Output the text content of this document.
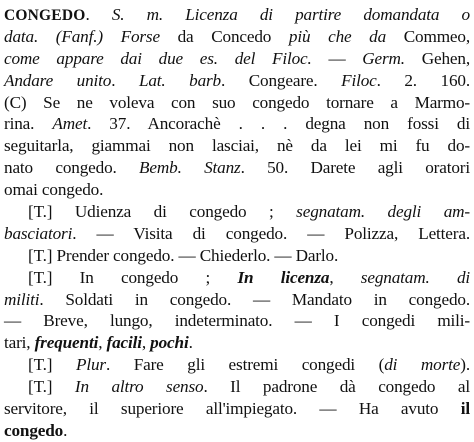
CONGEDO. S. m. Licenza di partire domandata o
data. (Fanf.) Forse da Concedo più che da Commeo,
come appare dai due es. del Filoc. — Germ. Gehen,
Andare unito. Lat. barb. Congeare. Filoc. 2. 160.
(C) Se ne voleva con suo congedo tornare a Marmo-
rina. Amet. 37. Ancorachè . . . degna non fossi di
seguitarla, giammai non lasciai, nè da lei mi fu do-
nato congedo. Bemb. Stanz. 50. Darete agli oratori
omai congedo.
[T.] Udienza di congedo ; segnatam. degli am-
basciatori. — Visita di congedo. — Polizza, Lettera.
[T.] Prender congedo. — Chiederlo. — Darlo.
[T.] In congedo ; In licenza, segnatam. di
militi. Soldati in congedo. — Mandato in congedo.
— Breve, lungo, indeterminato. — I congedi mili-
tari, frequenti, facili, pochi.
[T.] Plur. Fare gli estremi congedi (di morte).
[T.] In altro senso. Il padrone dà congedo al
servitore, il superiore all'impiegato. — Ha avuto il
congedo.
